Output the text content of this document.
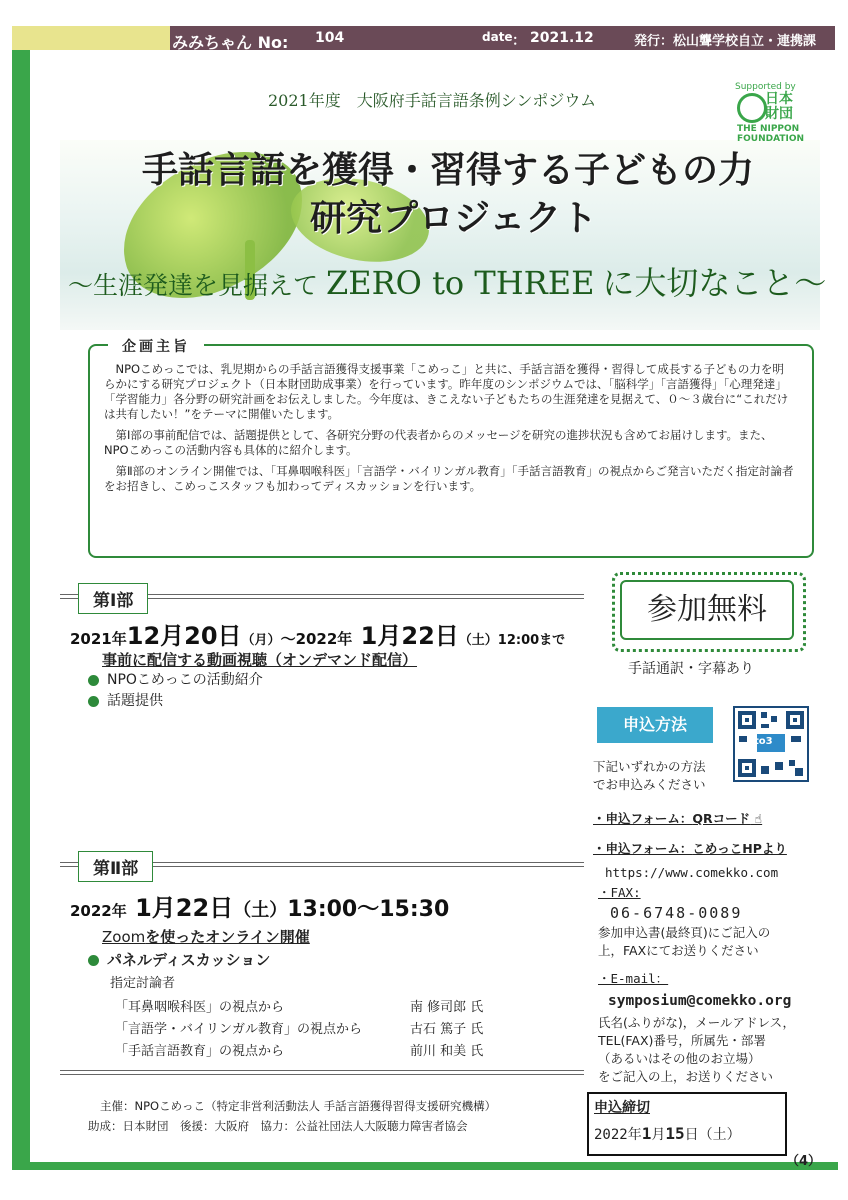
みみちゃん No: 104	date ： 2021.12	発行：松山聾学校自立・連携課
2021年度　大阪府手話言語条例シンポジウム
Supported by
日本財団
THE NIPPON
FOUNDATION
手話言語を獲得・習得する子どもの力
研究プロジェクト
～生涯発達を見据えて ZERO to THREE に大切なこと～
企画主旨
NPOこめっこでは、乳児期からの手話言語獲得支援事業「こめっこ」と共に、手話言語を獲得・習得して成長する子どもの力を明らかにする研究プロジェクト（日本財団助成事業）を行っています。昨年度のシンポジウムでは、「脳科学」「言語獲得」「心理発達」「学習能力」各分野の研究計画をお伝えしました。今年度は、きこえない子どもたちの生涯発達を見据えて、０～３歳台に“これだけは共有したい！”をテーマに開催いたします。
第Ⅰ部の事前配信では、話題提供として、各研究分野の代表者からのメッセージを研究の進捗状況も含めてお届けします。また、NPOこめっこの活動内容も具体的に紹介します。
第Ⅱ部のオンライン開催では、「耳鼻咽喉科医」「言語学・バイリンガル教育」「手話言語教育」の視点からご発言いただく指定討論者をお招きし、こめっこスタッフも加わってディスカッションを行います。
第Ⅰ部
2021年12月20日（月）～2022年 1月22日（土）12:00まで
事前に配信する動画視聴（オンデマンド配信）
NPOこめっこの活動紹介
話題提供
第Ⅱ部
2022年 1月22日（土）13:00～15:30
Zoomを使ったオンライン開催
パネルディスカッション
指定討論者
「耳鼻咽喉科医」の視点から	南 修司郎 氏
「言語学・バイリンガル教育」の視点から	古石 篤子 氏
「手話言語教育」の視点から	前川 和美 氏
主催：NPOこめっこ（特定非営利活動法人 手話言語獲得習得支援研究機構）
助成：日本財団　後援：大阪府　協力：公益社団法人大阪聴力障害者協会
参加無料
手話通訳・字幕あり
申込方法
0to3
下記いずれかの方法
でお申込みください
・申込フォーム：QRコード ☝
・申込フォーム：こめっこHPより
https://www.comekko.com
・FAX:
06-6748-0089
参加申込書(最終頁)にご記入の
上，FAXにてお送りください
・E-mail：
symposium@comekko.org
氏名(ふりがな)，メールアドレス，
TEL(FAX)番号，所属先・部署
（あるいはその他のお立場）
をご記入の上，お送りください
申込締切
2022年1月15日（土）
（4）
